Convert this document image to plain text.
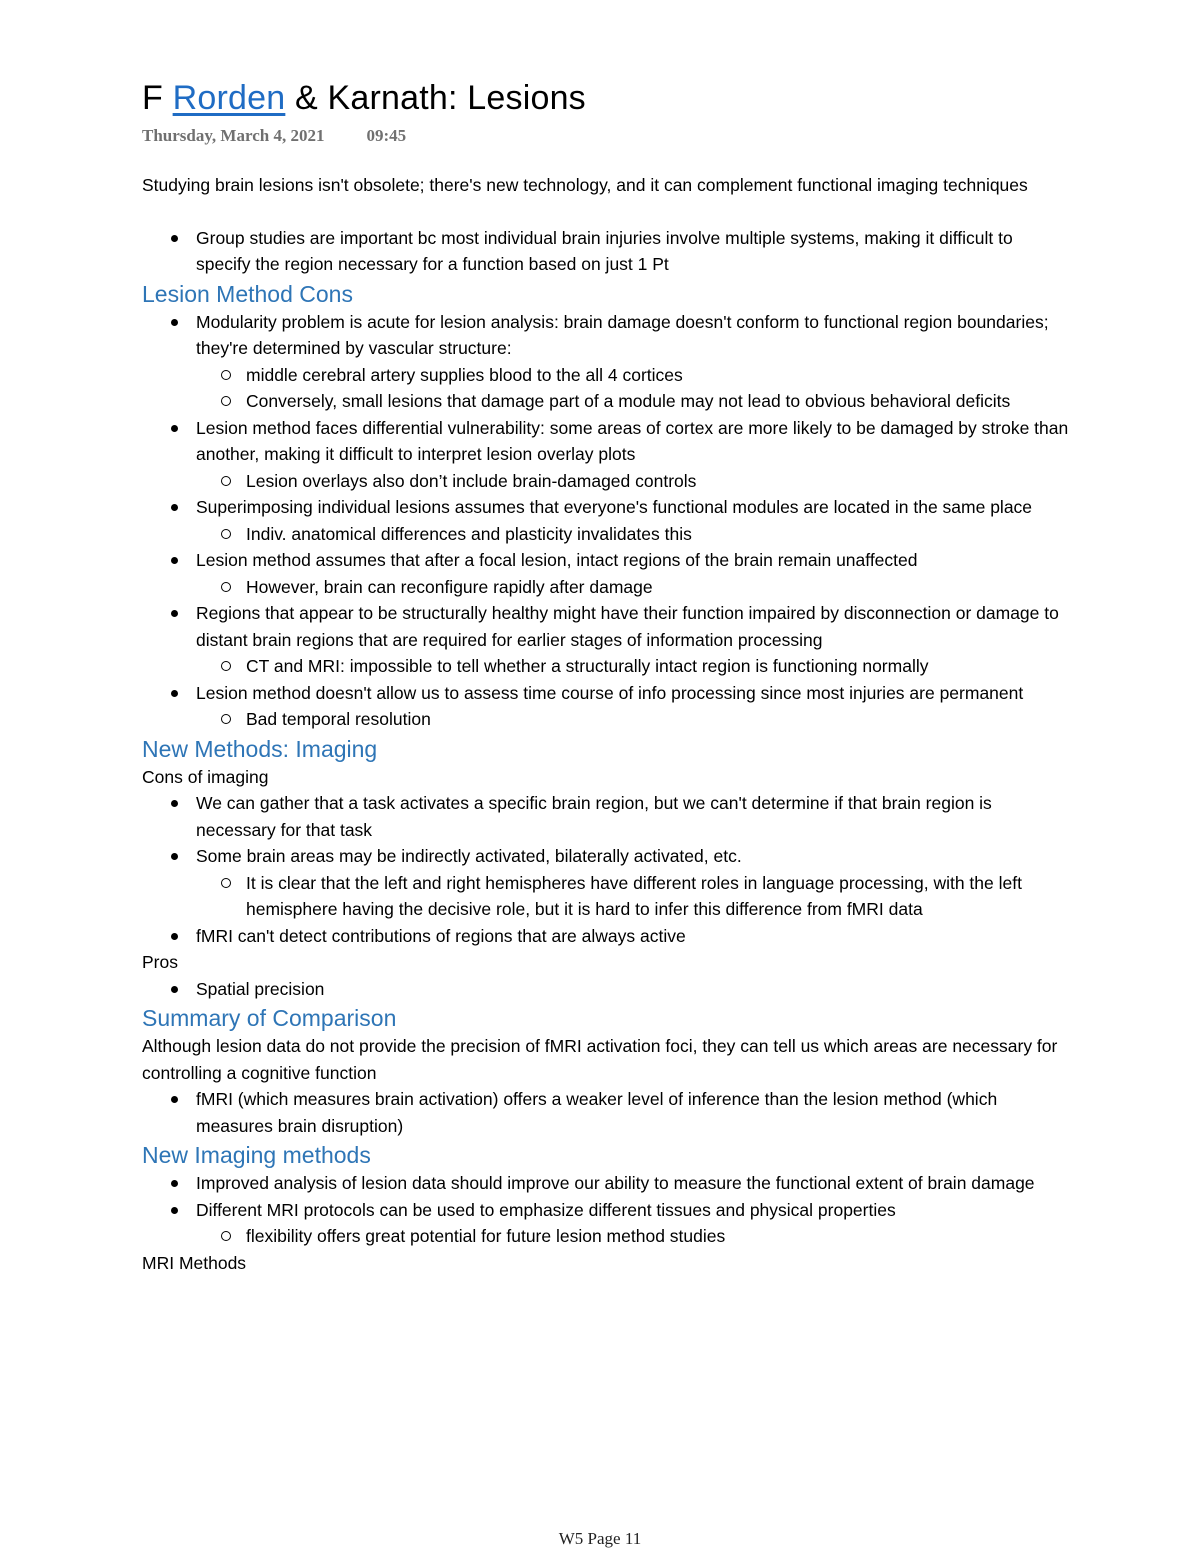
F Rorden & Karnath: Lesions
Thursday, March 4, 2021 09:45

Studying brain lesions isn't obsolete; there's new technology, and it can complement functional imaging techniques

Group studies are important bc most individual brain injuries involve multiple systems, making it difficult to specify the region necessary for a function based on just 1 Pt
Lesion Method Cons
Modularity problem is acute for lesion analysis: brain damage doesn't conform to functional region boundaries; they're determined by vascular structure:
middle cerebral artery supplies blood to the all 4 cortices
Conversely, small lesions that damage part of a module may not lead to obvious behavioral deficits
Lesion method faces differential vulnerability: some areas of cortex are more likely to be damaged by stroke than another, making it difficult to interpret lesion overlay plots
Lesion overlays also don’t include brain-damaged controls
Superimposing individual lesions assumes that everyone's functional modules are located in the same place
Indiv. anatomical differences and plasticity invalidates this
Lesion method assumes that after a focal lesion, intact regions of the brain remain unaffected
However, brain can reconfigure rapidly after damage
Regions that appear to be structurally healthy might have their function impaired by disconnection or damage to distant brain regions that are required for earlier stages of information processing
CT and MRI: impossible to tell whether a structurally intact region is functioning normally
Lesion method doesn't allow us to assess time course of info processing since most injuries are permanent
Bad temporal resolution
New Methods: Imaging

Cons of imaging

We can gather that a task activates a specific brain region, but we can't determine if that brain region is necessary for that task
Some brain areas may be indirectly activated, bilaterally activated, etc.
It is clear that the left and right hemispheres have different roles in language processing, with the left hemisphere having the decisive role, but it is hard to infer this difference from fMRI data
fMRI can't detect contributions of regions that are always active

Pros

Spatial precision
Summary of Comparison

Although lesion data do not provide the precision of fMRI activation foci, they can tell us which areas are necessary for controlling a cognitive function

fMRI (which measures brain activation) offers a weaker level of inference than the lesion method (which measures brain disruption)
New Imaging methods
Improved analysis of lesion data should improve our ability to measure the functional extent of brain damage
Different MRI protocols can be used to emphasize different tissues and physical properties
flexibility offers great potential for future lesion method studies

MRI Methods

W5 Page 11
